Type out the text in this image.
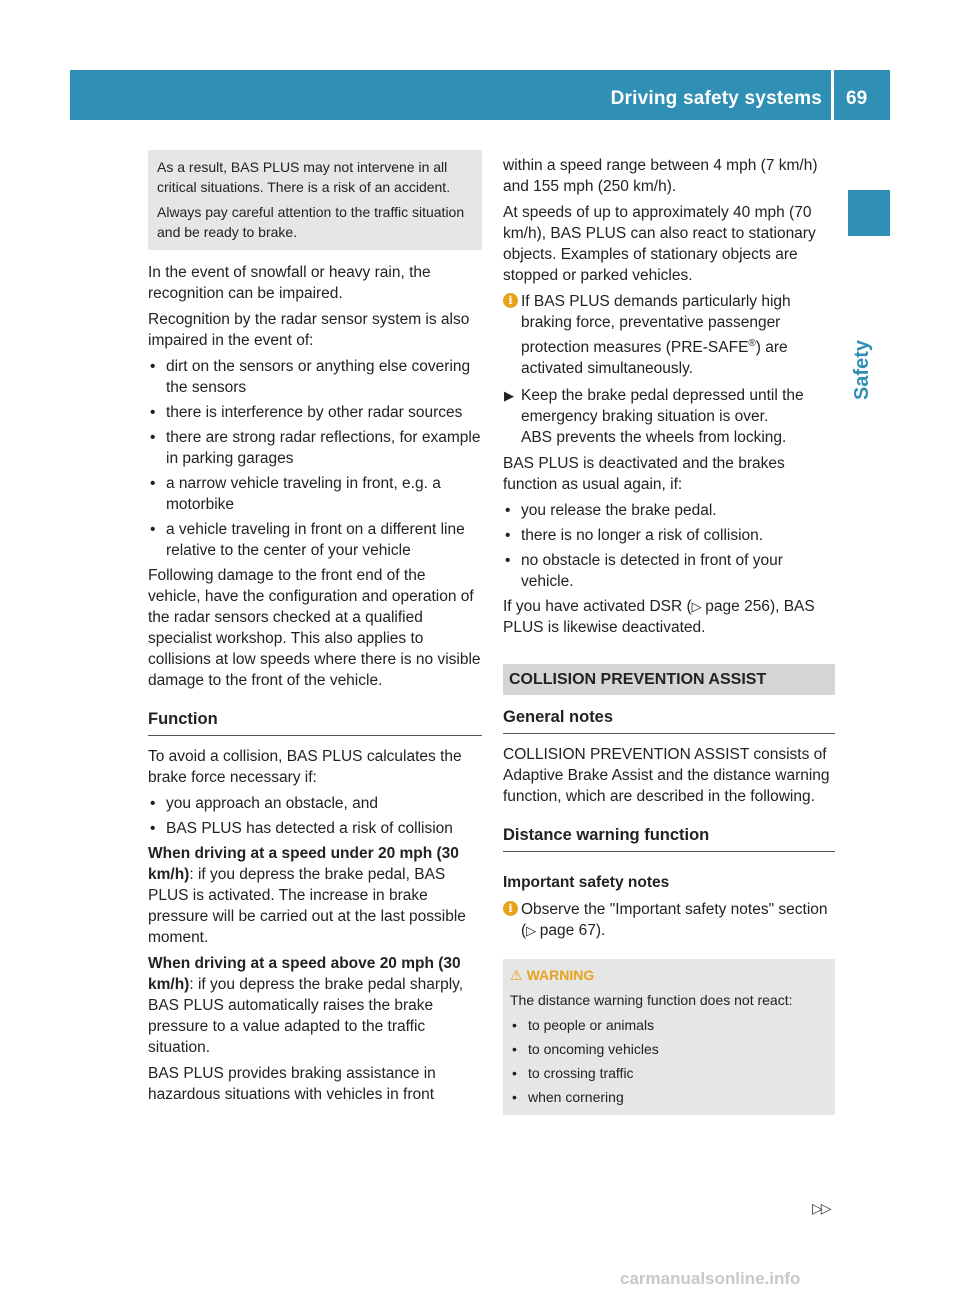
Driving safety systems 69
Safety

As a result, BAS PLUS may not intervene in all critical situations. There is a risk of an accident.

Always pay careful attention to the traffic situation and be ready to brake.

In the event of snowfall or heavy rain, the recognition can be impaired.

Recognition by the radar sensor system is also impaired in the event of:

• dirt on the sensors or anything else covering the sensors
• there is interference by other radar sources
• there are strong radar reflections, for example in parking garages
• a narrow vehicle traveling in front, e.g. a motorbike
• a vehicle traveling in front on a different line relative to the center of your vehicle

Following damage to the front end of the vehicle, have the configuration and operation of the radar sensors checked at a qualified specialist workshop. This also applies to collisions at low speeds where there is no visible damage to the front of the vehicle.

Function

To avoid a collision, BAS PLUS calculates the brake force necessary if:

• you approach an obstacle, and
• BAS PLUS has detected a risk of collision

When driving at a speed under 20 mph (30 km/h): if you depress the brake pedal, BAS PLUS is activated. The increase in brake pressure will be carried out at the last possible moment.

When driving at a speed above 20 mph (30 km/h): if you depress the brake pedal sharply, BAS PLUS automatically raises the brake pressure to a value adapted to the traffic situation.

BAS PLUS provides braking assistance in hazardous situations with vehicles in front

within a speed range between 4 mph (7 km/h) and 155 mph (250 km/h).

At speeds of up to approximately 40 mph (70 km/h), BAS PLUS can also react to stationary objects. Examples of stationary objects are stopped or parked vehicles.

i If BAS PLUS demands particularly high braking force, preventative passenger protection measures (PRE-SAFE®) are activated simultaneously.
▶ Keep the brake pedal depressed until the emergency braking situation is over.
ABS prevents the wheels from locking.

BAS PLUS is deactivated and the brakes function as usual again, if:

• you release the brake pedal.
• there is no longer a risk of collision.
• no obstacle is detected in front of your vehicle.

If you have activated DSR (▷ page 256), BAS PLUS is likewise deactivated.

COLLISION PREVENTION ASSIST
General notes

COLLISION PREVENTION ASSIST consists of Adaptive Brake Assist and the distance warning function, which are described in the following.

Distance warning function
Important safety notes
i Observe the "Important safety notes" section (▷ page 67).
⚠ WARNING

The distance warning function does not react:

• to people or animals
• to oncoming vehicles
• to crossing traffic
• when cornering
▷▷
carmanualsonline.info
